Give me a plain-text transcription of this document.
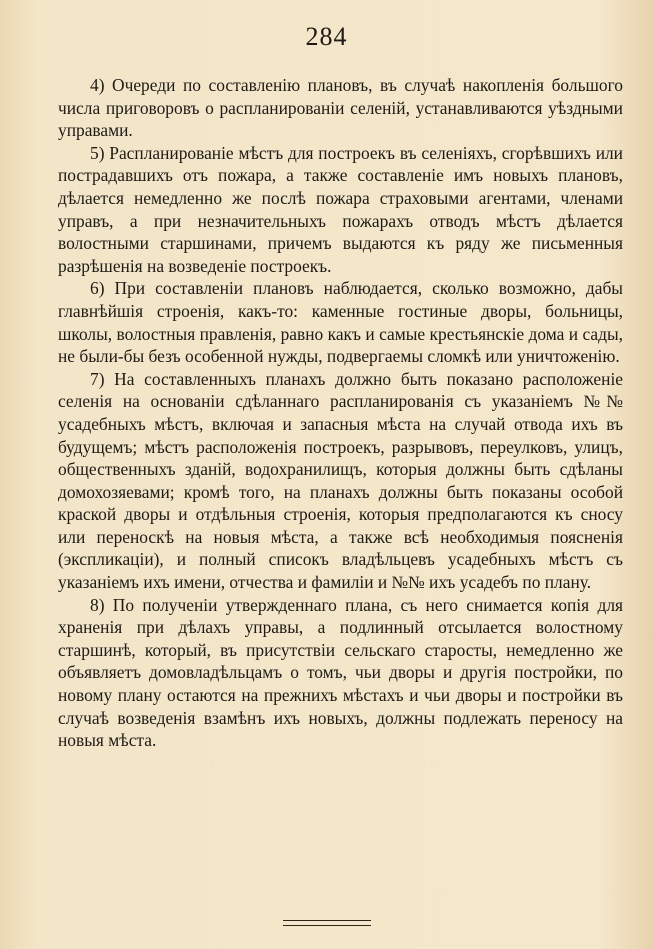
284

4) Очереди по составленію плановъ, въ случаѣ накопленія большого числа приговоровъ о распланированіи селеній, устанавливаются уѣздными управами.

5) Распланированіе мѣстъ для построекъ въ селеніяхъ, сгорѣвшихъ или пострадавшихъ отъ пожара, а также составленіе имъ новыхъ плановъ, дѣлается немедленно же послѣ пожара страховыми агентами, членами управъ, а при незначительныхъ пожарахъ отводъ мѣстъ дѣлается волостными старшинами, причемъ выдаются къ ряду же письменныя разрѣшенія на возведеніе построекъ.

6) При составленіи плановъ наблюдается, сколько возможно, дабы главнѣйшія строенія, какъ-то: каменные гостиные дворы, больницы, школы, волостныя правленія, равно какъ и самые крестьянскіе дома и сады, не были-бы безъ особенной нужды, подвергаемы сломкѣ или уничтоженію.

7) На составленныхъ планахъ должно быть показано расположеніе селенія на основаніи сдѣланнаго распланированія съ указаніемъ №№ усадебныхъ мѣстъ, включая и запасныя мѣста на случай отвода ихъ въ будущемъ; мѣстъ расположенія построекъ, разрывовъ, переулковъ, улицъ, общественныхъ зданій, водохранилищъ, которыя должны быть сдѣланы домохозяевами; кромѣ того, на планахъ должны быть показаны особой краской дворы и отдѣльныя строенія, которыя предполагаются къ сносу или переноскѣ на новыя мѣста, а также всѣ необходимыя поясненія (экспликаціи), и полный списокъ владѣльцевъ усадебныхъ мѣстъ съ указаніемъ ихъ имени, отчества и фамиліи и №№ ихъ усадебъ по плану.

8) По полученіи утвержденнаго плана, съ него снимается копія для храненія при дѣлахъ управы, а подлинный отсылается волостному старшинѣ, который, въ присутствіи сельскаго старосты, немедленно же объявляетъ домовладѣльцамъ о томъ, чьи дворы и другія постройки, по новому плану остаются на прежнихъ мѣстахъ и чьи дворы и постройки въ случаѣ возведенія взамѣнъ ихъ новыхъ, должны подлежать переносу на новыя мѣста.
